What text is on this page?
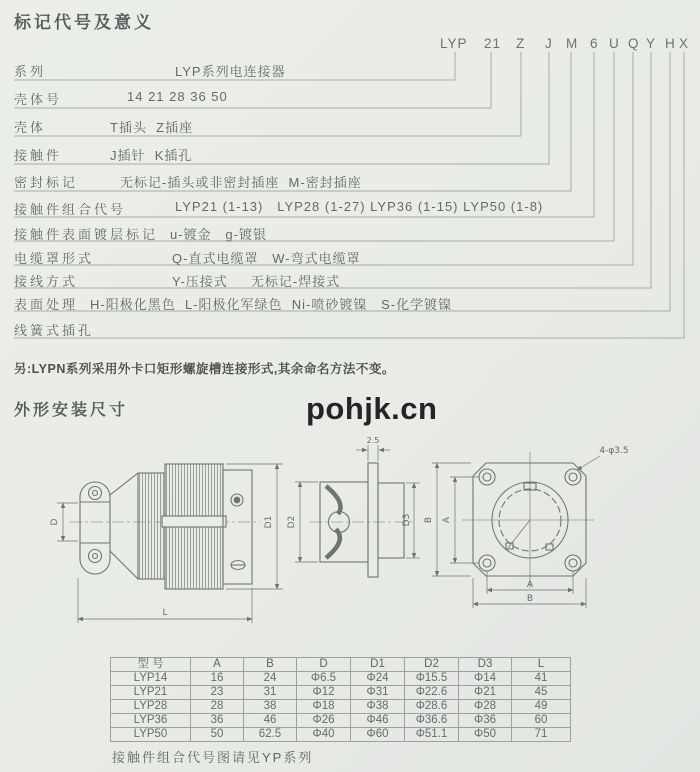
标记代号及意义
LYP 21 Z J M 6 U Q Y H X
系列	LYP系列电连接器
壳体号	14 21 28 36 50
壳体	T插头  Z插座
接触件	J插针  K插孔
密封标记	无标记-插头或非密封插座  M-密封插座
接触件组合代号	LYP21 (1-13)   LYP28 (1-27) LYP36 (1-15) LYP50 (1-8)
接触件表面镀层标记 u-镀金   g-镀银
电缆罩形式	Q-直式电缆罩   W-弯式电缆罩
接线方式	Y-压接式     无标记-焊接式
表面处理 H-阳极化黑色  L-阳极化军绿色  Ni-喷砂镀镍   S-化学镀镍
线簧式插孔
另:LYPN系列采用外卡口矩形螺旋槽连接形式,其余命名方法不变。
外形安装尺寸	pohjk.cn
D
L
D1 D2	D3 B A
2.5
4-φ3.5
A
B
型 号	A	B	D	D1	D2	D3	L
LYP14	16	24	Φ6.5	Φ24	Φ15.5	Φ14	41
LYP21	23	31	Φ12	Φ31	Φ22.6	Φ21	45
LYP28	28	38	Φ18	Φ38	Φ28.6	Φ28	49
LYP36	36	46	Φ26	Φ46	Φ36.6	Φ36	60
LYP50	50	62.5	Φ40	Φ60	Φ51.1	Φ50	71
接触件组合代号图请见YP系列
